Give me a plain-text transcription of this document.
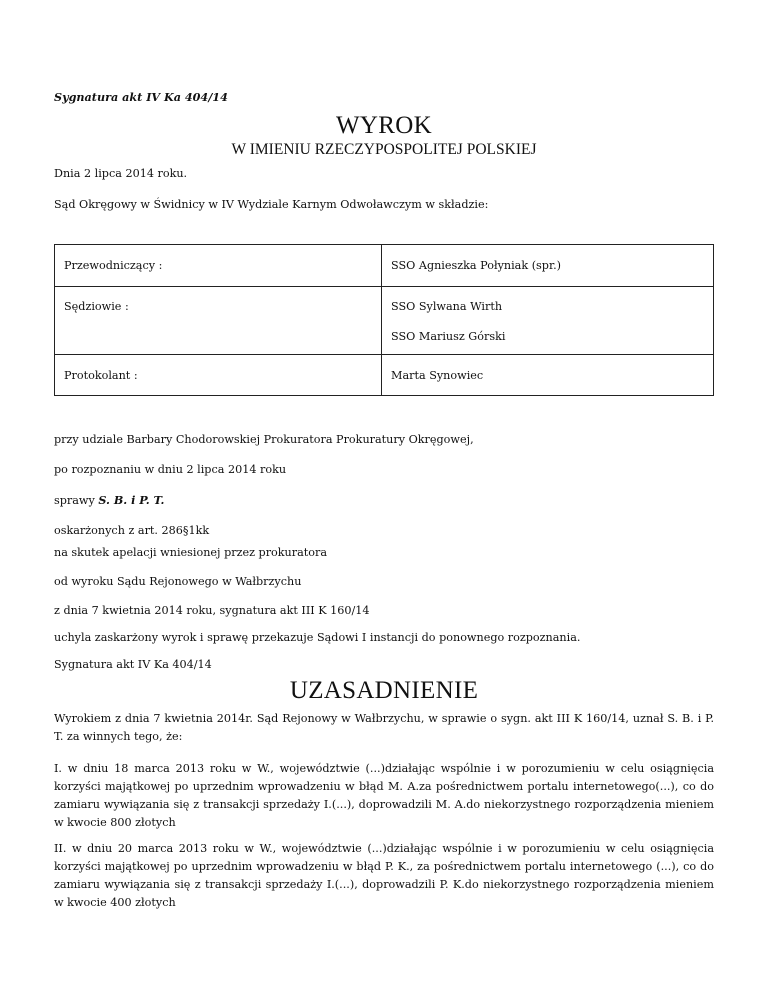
Sygnatura akt IV Ka 404/14
WYROK
W IMIENIU RZECZYPOSPOLITEJ POLSKIEJ
Dnia 2 lipca 2014 roku.
Sąd Okręgowy w Świdnicy w IV Wydziale Karnym Odwoławczym w składzie:
Przewodniczący :	SSO Agnieszka Połyniak (spr.)

Sędziowie :	SSO Sylwana Wirth
SSO Mariusz Górski

Protokolant :	Marta Synowiec
przy udziale Barbary Chodorowskiej Prokuratora Prokuratury Okręgowej,
po rozpoznaniu w dniu 2 lipca 2014 roku
sprawy S. B. i P. T.
oskarżonych z art. 286§1kk
na skutek apelacji wniesionej przez prokuratora
od wyroku Sądu Rejonowego w Wałbrzychu
z dnia 7 kwietnia 2014 roku, sygnatura akt III K 160/14
uchyla zaskarżony wyrok i sprawę przekazuje Sądowi I instancji do ponownego rozpoznania.
Sygnatura akt IV Ka 404/14
UZASADNIENIE
Wyrokiem z dnia 7 kwietnia 2014r. Sąd Rejonowy w Wałbrzychu, w sprawie o sygn. akt III K 160/14, uznał S. B. i P. T. za winnych tego, że:
I. w dniu 18 marca 2013 roku w W., województwie (...)działając wspólnie i w porozumieniu w celu osiągnięcia korzyści majątkowej po uprzednim wprowadzeniu w błąd M. A.za pośrednictwem portalu internetowego(...), co do zamiaru wywiązania się z transakcji sprzedaży I.(...), doprowadzili M. A.do niekorzystnego rozporządzenia mieniem w kwocie 800 złotych
II. w dniu 20 marca 2013 roku w W., województwie (...)działając wspólnie i w porozumieniu w celu osiągnięcia korzyści majątkowej po uprzednim wprowadzeniu w błąd P. K., za pośrednictwem portalu internetowego (...), co do zamiaru wywiązania się z transakcji sprzedaży I.(...), doprowadzili P. K.do niekorzystnego rozporządzenia mieniem w kwocie 400 złotych
